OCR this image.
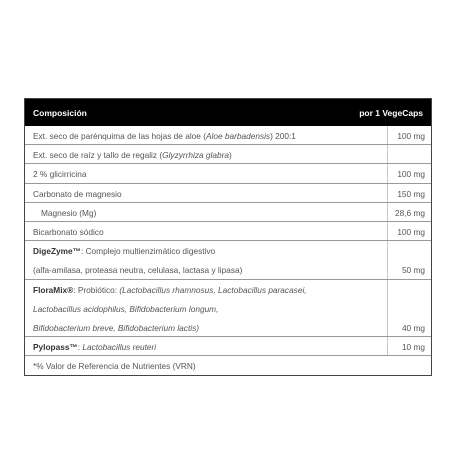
Composición	por 1 VegeCaps
Ext. seco de parénquima de las hojas de aloe (Aloe barbadensis) 200:1	100 mg
Ext. seco de raíz y tallo de regaliz (Glyzyrrhiza glabra)
2 % glicirricina	100 mg
Carbonato de magnesio	150 mg
Magnesio (Mg)	28,6 mg
Bicarbonato sódico	100 mg
DigeZyme™: Complejo multienzimático digestivo
(alfa-amilasa, proteasa neutra, celulasa, lactasa y lipasa)	50 mg
FloraMix®: Probiótico: (Lactobacillus rhamnosus, Lactobacillus paracasei,
Lactobacillus acidophilus, Bifidobacterium longum,
Bifidobacterium breve, Bifidobacterium lactis)	40 mg
Pylopass™: Lactobacillus reuteri	10 mg
*% Valor de Referencia de Nutrientes (VRN)
